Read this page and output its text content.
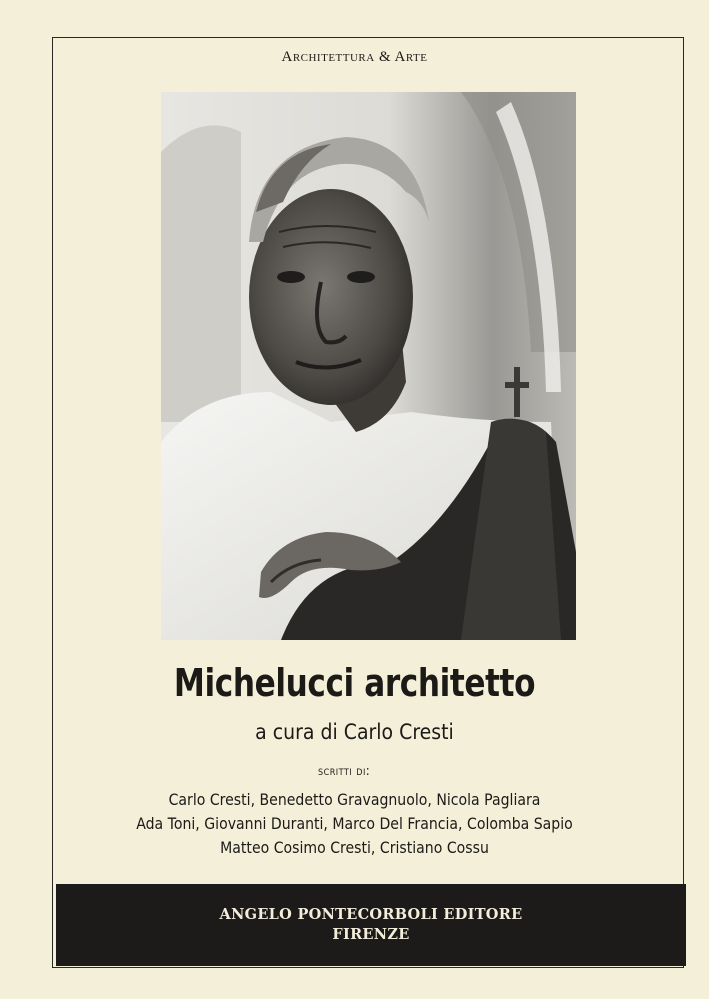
Architettura & Arte
Michelucci architetto
a cura di Carlo Cresti
scritti di:
Carlo Cresti, Benedetto Gravagnuolo, Nicola Pagliara
Ada Toni, Giovanni Duranti, Marco Del Francia, Colomba Sapio
Matteo Cosimo Cresti, Cristiano Cossu
ANGELO PONTECORBOLI EDITORE
FIRENZE
